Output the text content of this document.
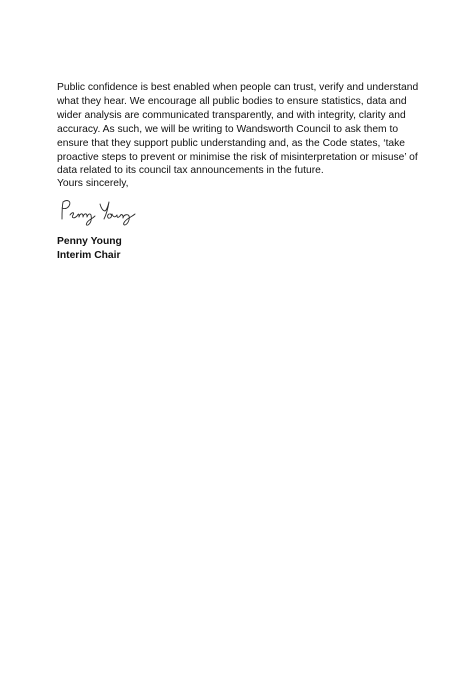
Public confidence is best enabled when people can trust, verify and understand what they hear. We encourage all public bodies to ensure statistics, data and wider analysis are communicated transparently, and with integrity, clarity and accuracy. As such, we will be writing to Wandsworth Council to ask them to ensure that they support public understanding and, as the Code states, ‘take proactive steps to prevent or minimise the risk of misinterpretation or misuse’ of data related to its council tax announcements in the future.

Yours sincerely,

Penny Young
Interim Chair
